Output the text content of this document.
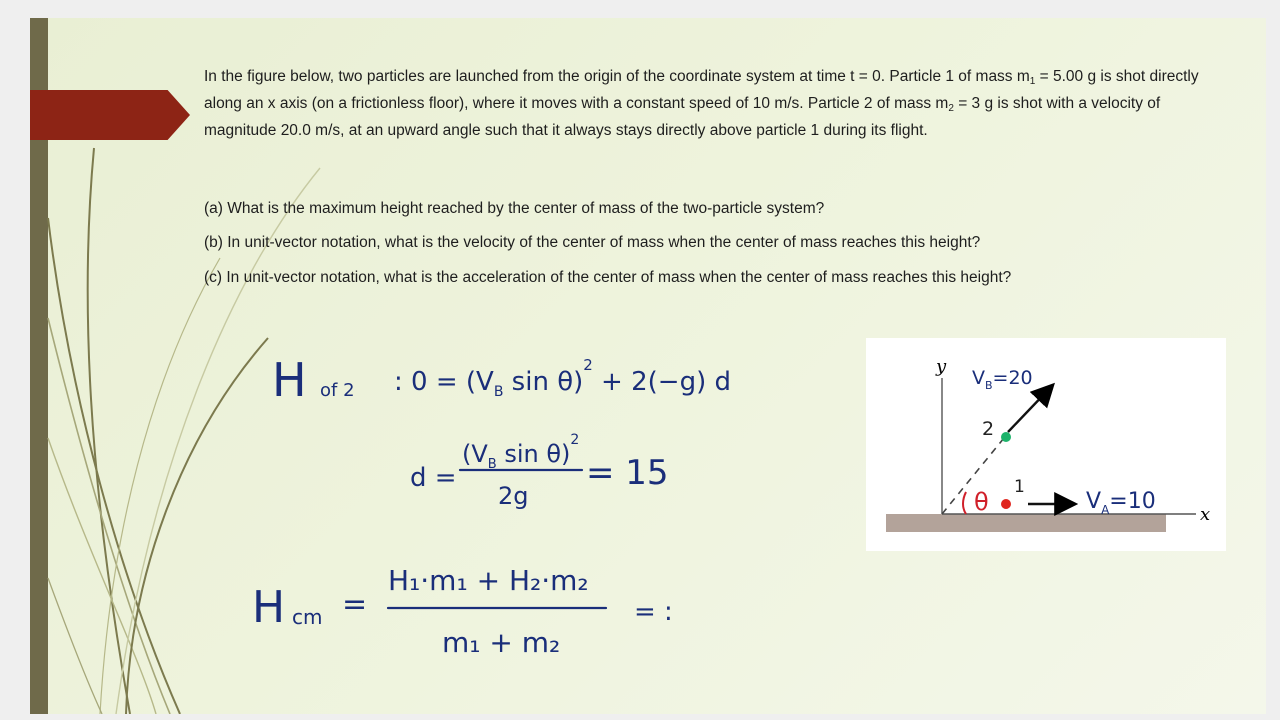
In the figure below, two particles are launched from the origin of the coordinate system at time t = 0. Particle 1 of mass $m_1 = 5.00$ g is shot directly along an x axis (on a frictionless floor), where it moves with a constant speed of 10 m/s. Particle 2 of mass $m_2 = 3$ g is shot with a velocity of magnitude 20.0 m/s, at an upward angle such that it always stays directly above particle 1 during its flight.

(a) What is the maximum height reached by the center of mass of the two-particle system?
(b) In unit-vector notation, what is the velocity of the center of mass when the center of mass reaches this height?
(c) In unit-vector notation, what is the acceleration of the center of mass when the center of mass reaches this height?
y
x
2
1
θ
$V_B=20$
$V_A=10$
H of 2 : $0 = (V_B$ sin θ)$^2$ + 2(−g) d
d =
($V_B$ sin θ)$^2$
2g
= 15
H cm =
H₁·m₁ + H₂·m₂
m₁ + m₂
= :
